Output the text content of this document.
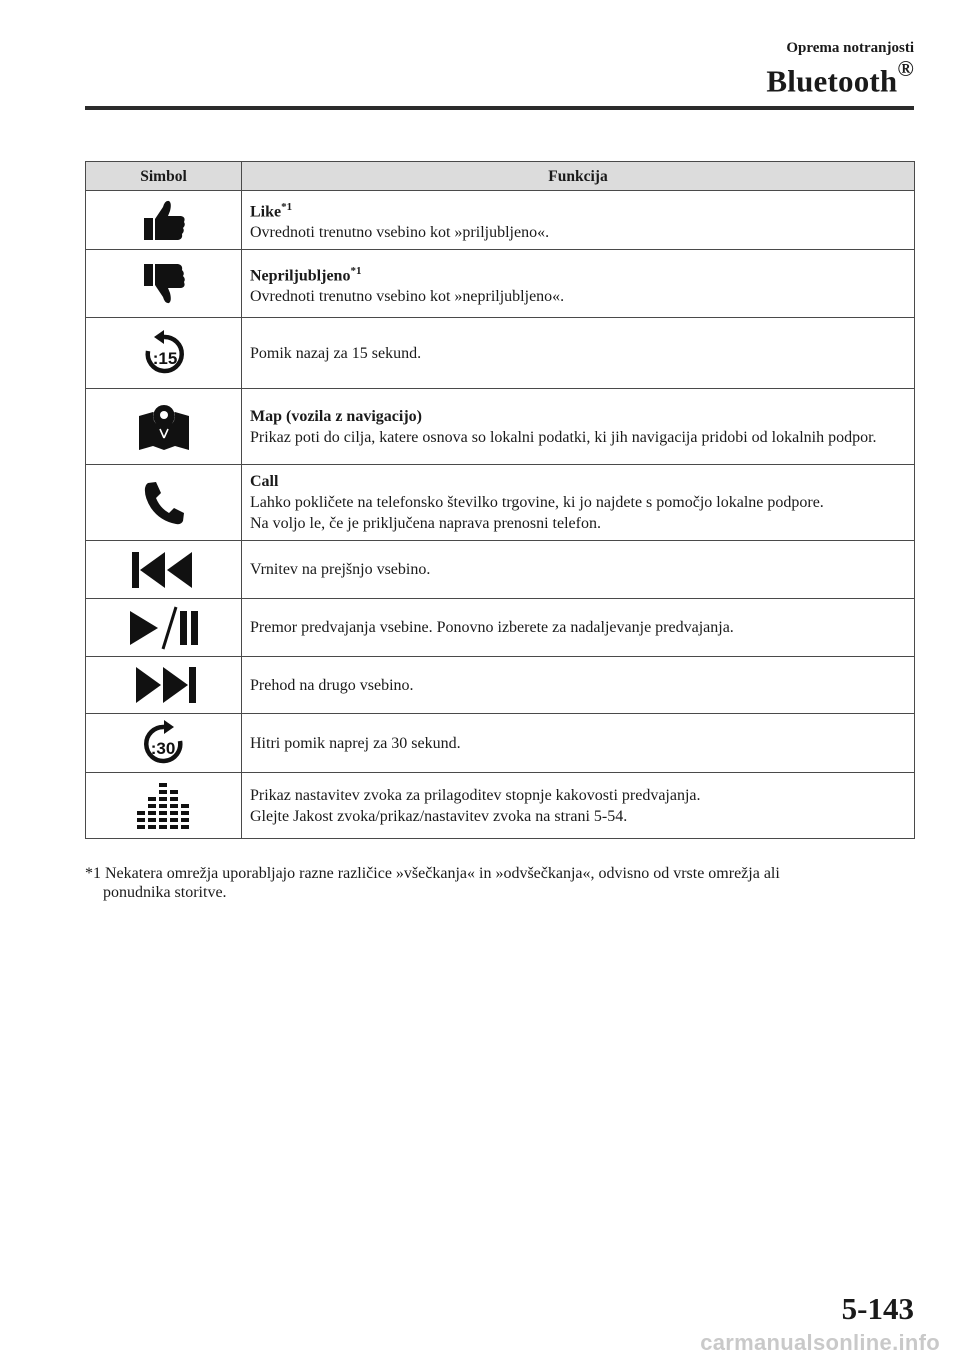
Oprema notranjosti
Bluetooth®
Simbol	Funkcija

	Like$^{*1}$
Ovrednoti trenutno vsebino kot »priljubljeno«.

	Nepriljubljeno$^{*1}$
Ovrednoti trenutno vsebino kot »nepriljubljeno«.

:15	Pomik nazaj za 15 sekund.

	Map (vozila z navigacijo)
Prikaz poti do cilja, katere osnova so lokalni podatki, ki jih navigacija pridobi od lokalnih podpor.

	Call
Lahko pokličete na telefonsko številko trgovine, ki jo najdete s pomočjo lokalne podpore.
Na voljo le, če je priključena naprava prenosni telefon.

	Vrnitev na prejšnjo vsebino.

	Premor predvajanja vsebine. Ponovno izberete za nadaljevanje predvajanja.

	Prehod na drugo vsebino.

:30	Hitri pomik naprej za 30 sekund.

	Prikaz nastavitev zvoka za prilagoditev stopnje kakovosti predvajanja.
Glejte Jakost zvoka/prikaz/nastavitev zvoka na strani 5-54.
*1 Nekatera omrežja uporabljajo razne različice »všečkanja« in »odvšečkanja«, odvisno od vrste omrežja ali
ponudnika storitve.
5-143
carmanualsonline.info
